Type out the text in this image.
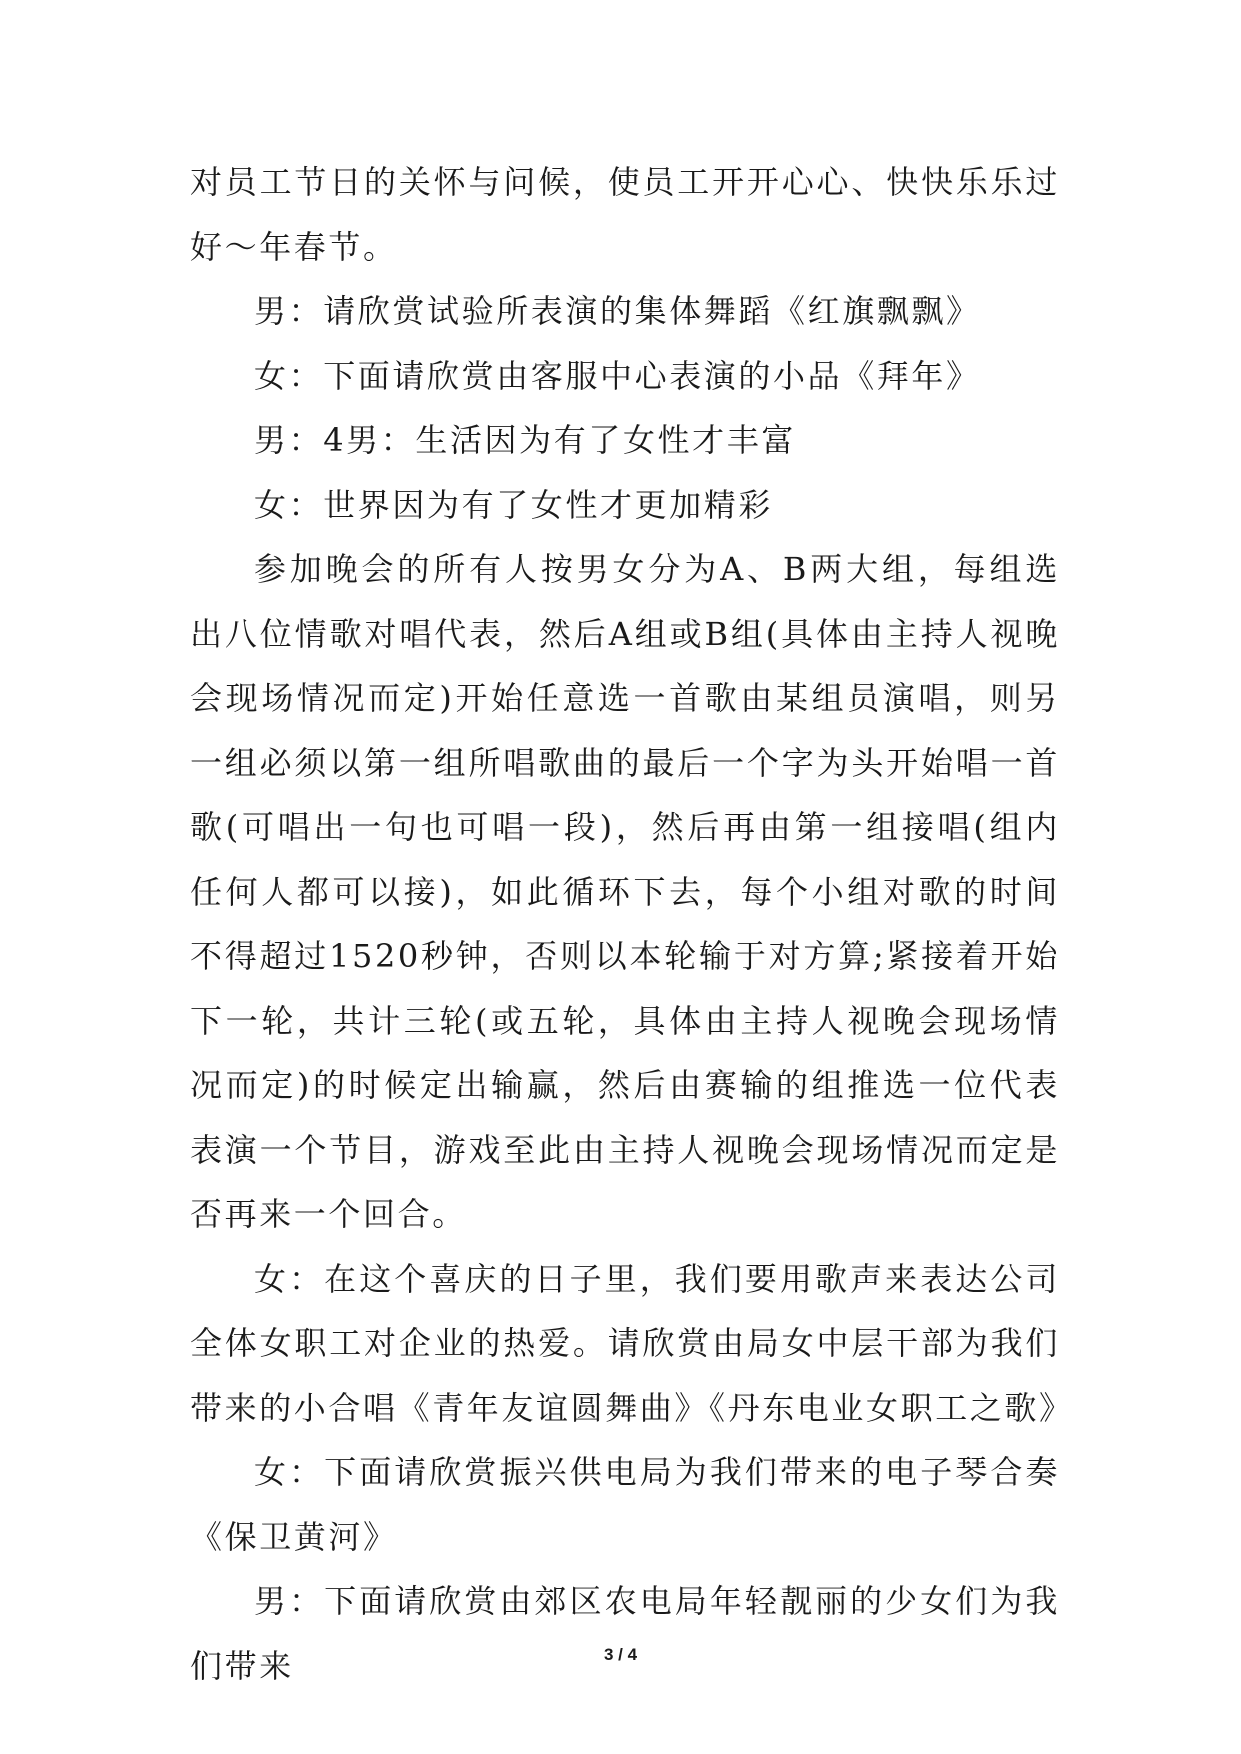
对员工节日的关怀与问候，使员工开开心心、快快乐乐过好～年春节。

男：请欣赏试验所表演的集体舞蹈《红旗飘飘》

女：下面请欣赏由客服中心表演的小品《拜年》

男：4男：生活因为有了女性才丰富

女：世界因为有了女性才更加精彩

参加晚会的所有人按男女分为A、B两大组，每组选出八位情歌对唱代表，然后A组或B组(具体由主持人视晚会现场情况而定)开始任意选一首歌由某组员演唱，则另一组必须以第一组所唱歌曲的最后一个字为头开始唱一首歌(可唱出一句也可唱一段)，然后再由第一组接唱(组内任何人都可以接)，如此循环下去，每个小组对歌的时间不得超过1520秒钟，否则以本轮输于对方算;紧接着开始下一轮，共计三轮(或五轮，具体由主持人视晚会现场情况而定)的时候定出输赢，然后由赛输的组推选一位代表表演一个节目，游戏至此由主持人视晚会现场情况而定是否再来一个回合。

女：在这个喜庆的日子里，我们要用歌声来表达公司全体女职工对企业的热爱。请欣赏由局女中层干部为我们带来的小合唱《青年友谊圆舞曲》《丹东电业女职工之歌》

女：下面请欣赏振兴供电局为我们带来的电子琴合奏《保卫黄河》

男：下面请欣赏由郊区农电局年轻靓丽的少女们为我们带来	3 / 4
